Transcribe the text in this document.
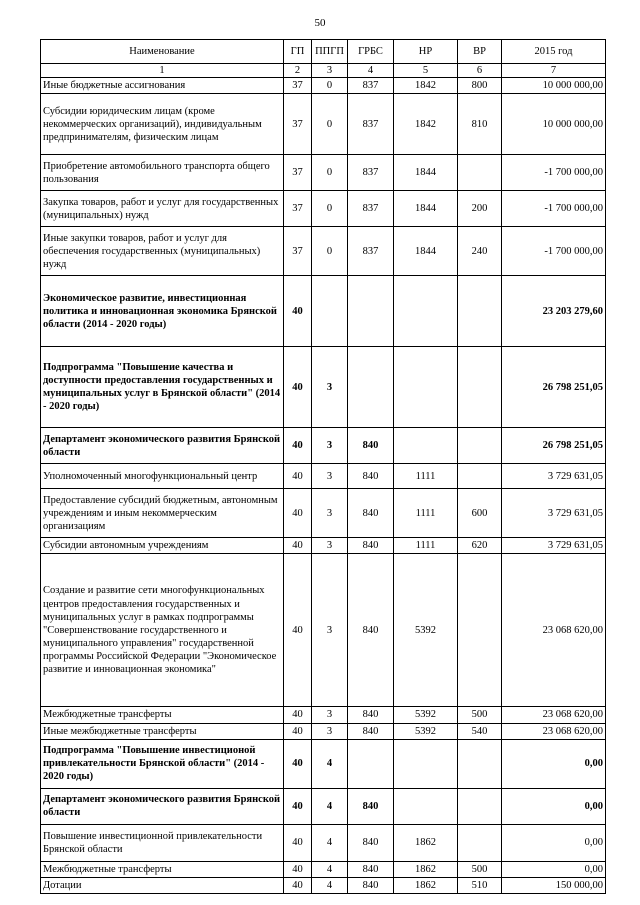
50
Наименование	ГП	ППГП	ГРБС	НР	ВР	2015 год
1	2	3	4	5	6	7
Иные бюджетные ассигнования	37	0	837	1842	800	10 000 000,00
Субсидии юридическим лицам (кроме некоммерческих организаций), индивидуальным предпринимателям, физическим лицам	37	0	837	1842	810	10 000 000,00
Приобретение автомобильного транспорта общего пользования	37	0	837	1844		-1 700 000,00
Закупка товаров, работ и услуг для государственных (муниципальных) нужд	37	0	837	1844	200	-1 700 000,00
Иные закупки товаров, работ и услуг для обеспечения государственных (муниципальных) нужд	37	0	837	1844	240	-1 700 000,00
Экономическое развитие, инвестиционная политика и инновационная экономика Брянской области (2014 - 2020 годы)	40					23 203 279,60
Подпрограмма "Повышение качества и доступности предоставления государственных и муниципальных услуг в Брянской области" (2014 - 2020 годы)	40	3				26 798 251,05
Департамент экономического развития Брянской области	40	3	840			26 798 251,05
Уполномоченный многофункциональный центр	40	3	840	1111		3 729 631,05
Предоставление субсидий бюджетным, автономным учреждениям и иным некоммерческим организациям	40	3	840	1111	600	3 729 631,05
Субсидии автономным учреждениям	40	3	840	1111	620	3 729 631,05
Создание и развитие сети многофункциональных центров предоставления государственных и муниципальных услуг в рамках подпрограммы "Совершенствование государственного и муниципального управления" государственной программы Российской Федерации "Экономическое развитие и инновационная экономика"	40	3	840	5392		23 068 620,00
Межбюджетные трансферты	40	3	840	5392	500	23 068 620,00
Иные межбюджетные трансферты	40	3	840	5392	540	23 068 620,00
Подпрограмма "Повышение инвестиционой привлекательности Брянской области" (2014 - 2020 годы)	40	4				0,00
Департамент экономического развития Брянской области	40	4	840			0,00
Повышение инвестиционной привлекательности Брянской области	40	4	840	1862		0,00
Межбюджетные трансферты	40	4	840	1862	500	0,00
Дотации	40	4	840	1862	510	150 000,00
